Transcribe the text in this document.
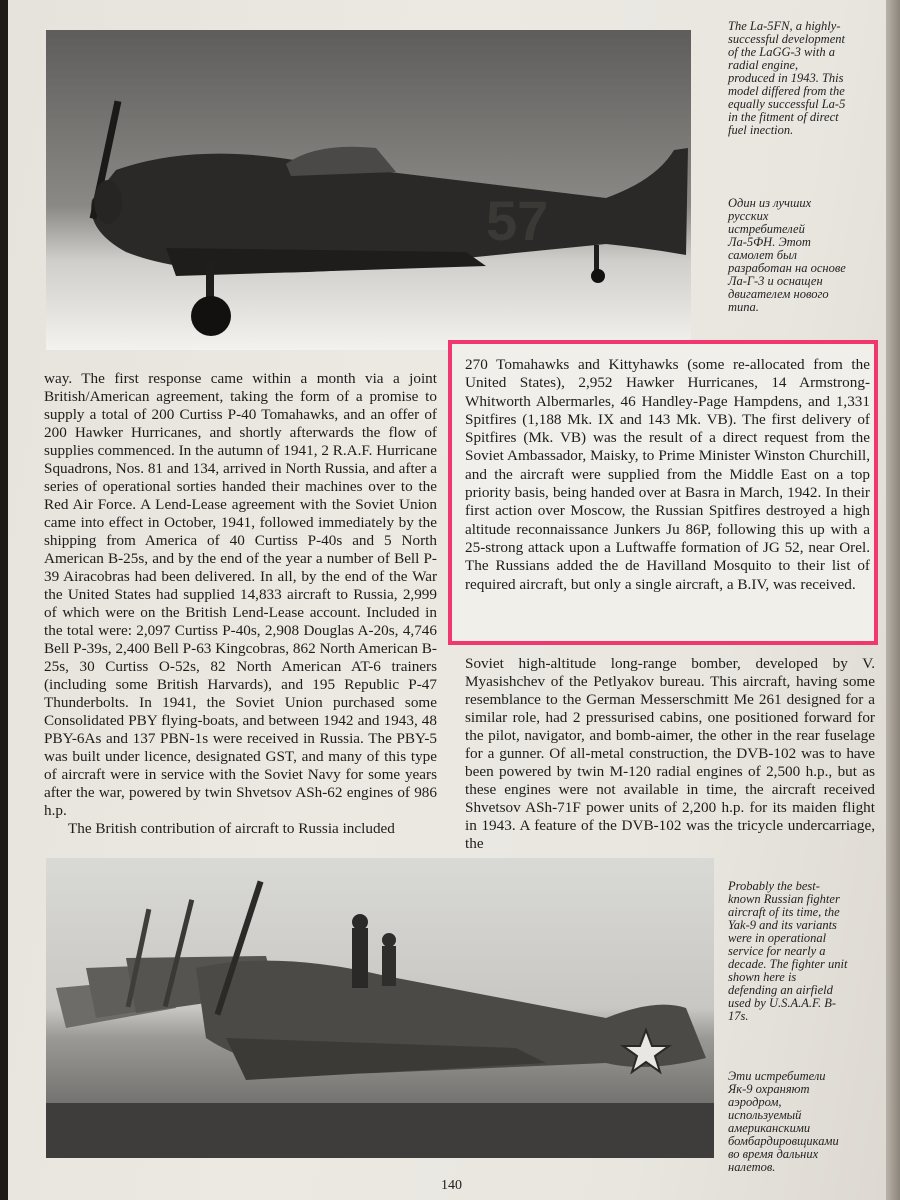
57
The La-5FN, a highly-successful development of the LaGG-3 with a radial engine, produced in 1943. This model differed from the equally successful La-5 in the fitment of direct fuel inection.
Один из лучших русских истребителей Ла-5ФН. Этот самолет был разработан на основе Ла-Г-3 и оснащен двигателем нового типа.

way. The first response came within a month via a joint British/American agreement, taking the form of a promise to supply a total of 200 Curtiss P-40 Tomahawks, and an offer of 200 Hawker Hurricanes, and shortly afterwards the flow of supplies commenced. In the autumn of 1941, 2 R.A.F. Hurricane Squadrons, Nos. 81 and 134, arrived in North Russia, and after a series of operational sorties handed their machines over to the Red Air Force. A Lend-Lease agreement with the Soviet Union came into effect in October, 1941, followed immediately by the shipping from America of 40 Curtiss P-40s and 5 North American B-25s, and by the end of the year a number of Bell P-39 Airacobras had been delivered. In all, by the end of the War the United States had supplied 14,833 aircraft to Russia, 2,999 of which were on the British Lend-Lease account. Included in the total were: 2,097 Curtiss P-40s, 2,908 Douglas A-20s, 4,746 Bell P-39s, 2,400 Bell P-63 Kingcobras, 862 North American B-25s, 30 Curtiss O-52s, 82 North American AT-6 trainers (including some British Harvards), and 195 Republic P-47 Thunderbolts. In 1941, the Soviet Union purchased some Consolidated PBY flying-boats, and between 1942 and 1943, 48 PBY-6As and 137 PBN-1s were received in Russia. The PBY-5 was built under licence, designated GST, and many of this type of aircraft were in service with the Soviet Navy for some years after the war, powered by twin Shvetsov ASh-62 engines of 986 h.p.

The British contribution of aircraft to Russia included

270 Tomahawks and Kittyhawks (some re-allocated from the United States), 2,952 Hawker Hurricanes, 14 Armstrong-Whitworth Albermarles, 46 Handley-Page Hampdens, and 1,331 Spitfires (1,188 Mk. IX and 143 Mk. VB). The first delivery of Spitfires (Mk. VB) was the result of a direct request from the Soviet Ambassador, Maisky, to Prime Minister Winston Churchill, and the aircraft were supplied from the Middle East on a top priority basis, being handed over at Basra in March, 1942. In their first action over Moscow, the Russian Spitfires destroyed a high altitude reconnaissance Junkers Ju 86P, following this up with a 25-strong attack upon a Luftwaffe formation of JG 52, near Orel. The Russians added the de Havilland Mosquito to their list of required aircraft, but only a single aircraft, a B.IV, was received.
Soviet high-altitude long-range bomber, developed by V. Myasishchev of the Petlyakov bureau. This aircraft, having some resemblance to the German Messerschmitt Me 261 designed for a similar role, had 2 pressurised cabins, one positioned forward for the pilot, navigator, and bomb-aimer, the other in the rear fuselage for a gunner. Of all-metal construction, the DVB-102 was to have been powered by twin M-120 radial engines of 2,500 h.p., but as these engines were not available in time, the aircraft received Shvetsov ASh-71F power units of 2,200 h.p. for its maiden flight in 1943. A feature of the DVB-102 was the tricycle undercarriage, the
Probably the best-known Russian fighter aircraft of its time, the Yak-9 and its variants were in operational service for nearly a decade. The fighter unit shown here is defending an airfield used by U.S.A.A.F. B-17s.
Эти истребители Як-9 охраняют аэродром, используемый американскими бомбардировщиками во время дальних налетов.
140
